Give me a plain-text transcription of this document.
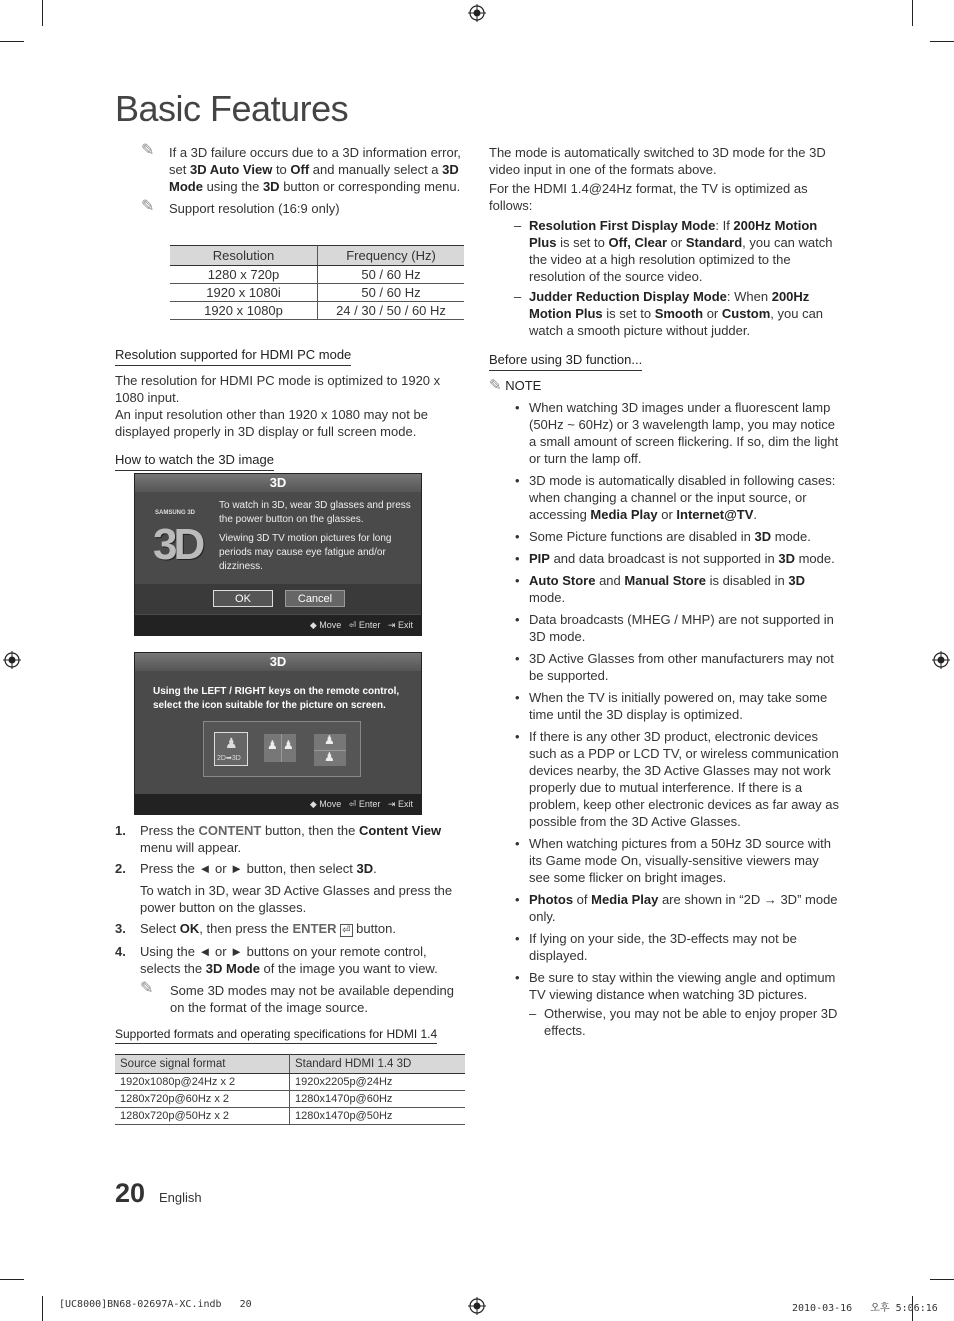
Basic Features
✎ If a 3D failure occurs due to a 3D information error, set 3D Auto View to Off and manually select a 3D Mode using the 3D button or corresponding menu.
✎ Support resolution (16:9 only)
Resolution	Frequency (Hz)
1280 x 720p	50 / 60 Hz
1920 x 1080i	50 / 60 Hz
1920 x 1080p	24 / 30 / 50 / 60 Hz
Resolution supported for HDMI PC mode
The resolution for HDMI PC mode is optimized to 1920 x 1080 input.
An input resolution other than 1920 x 1080 may not be displayed properly in 3D display or full screen mode.
How to watch the 3D image
3D
SAMSUNG 3D
3D
To watch in 3D, wear 3D glasses and press the power button on the glasses.
Viewing 3D TV motion pictures for long periods may cause eye fatigue and/or dizziness.
OK	Cancel
◆ Move ⏎ Enter ⇥ Exit
3D
Using the LEFT / RIGHT keys on the remote control, select the icon suitable for the picture on screen.
♟
2D➡3D
♟ ♟	♟
♟
◆ Move ⏎ Enter ⇥ Exit
1. Press the CONTENT button, then the Content View menu will appear.
2. Press the ◄ or ► button, then select 3D.
To watch in 3D, wear 3D Active Glasses and press the power button on the glasses.
3. Select OK, then press the ENTER ⏎ button.
4. Using the ◄ or ► buttons on your remote control, selects the 3D Mode of the image you want to view.
✎ Some 3D modes may not be available depending on the format of the image source.
Supported formats and operating specifications for HDMI 1.4
Source signal format	Standard HDMI 1.4 3D
1920x1080p@24Hz x 2	1920x2205p@24Hz
1280x720p@60Hz x 2	1280x1470p@60Hz
1280x720p@50Hz x 2	1280x1470p@50Hz
The mode is automatically switched to 3D mode for the 3D video input in one of the formats above.
For the HDMI 1.4@24Hz format, the TV is optimized as follows:
– Resolution First Display Mode: If 200Hz Motion Plus is set to Off, Clear or Standard, you can watch the video at a high resolution optimized to the resolution of the source video.
– Judder Reduction Display Mode: When 200Hz Motion Plus is set to Smooth or Custom, you can watch a smooth picture without judder.
Before using 3D function...
✎ NOTE
• When watching 3D images under a fluorescent lamp (50Hz ~ 60Hz) or 3 wavelength lamp, you may notice a small amount of screen flickering. If so, dim the light or turn the lamp off.
• 3D mode is automatically disabled in following cases: when changing a channel or the input source, or accessing Media Play or Internet@TV.
• Some Picture functions are disabled in 3D mode.
• PIP and data broadcast is not supported in 3D mode.
• Auto Store and Manual Store is disabled in 3D mode.
• Data broadcasts (MHEG / MHP) are not supported in 3D mode.
• 3D Active Glasses from other manufacturers may not be supported.
• When the TV is initially powered on, may take some time until the 3D display is optimized.
• If there is any other 3D product, electronic devices such as a PDP or LCD TV, or wireless communication devices nearby, the 3D Active Glasses may not work properly due to mutual interference. If there is a problem, keep other electronic devices as far away as possible from the 3D Active Glasses.
• When watching pictures from a 50Hz 3D source with its Game mode On, visually-sensitive viewers may see some flicker on bright images.
• Photos of Media Play are shown in “2D → 3D” mode only.
• If lying on your side, the 3D-effects may not be displayed.
• Be sure to stay within the viewing angle and optimum TV viewing distance when watching 3D pictures.
– Otherwise, you may not be able to enjoy proper 3D effects.
20 English
[UC8000]BN68-02697A-XC.indb   20	2010-03-16   오후 5:06:16
